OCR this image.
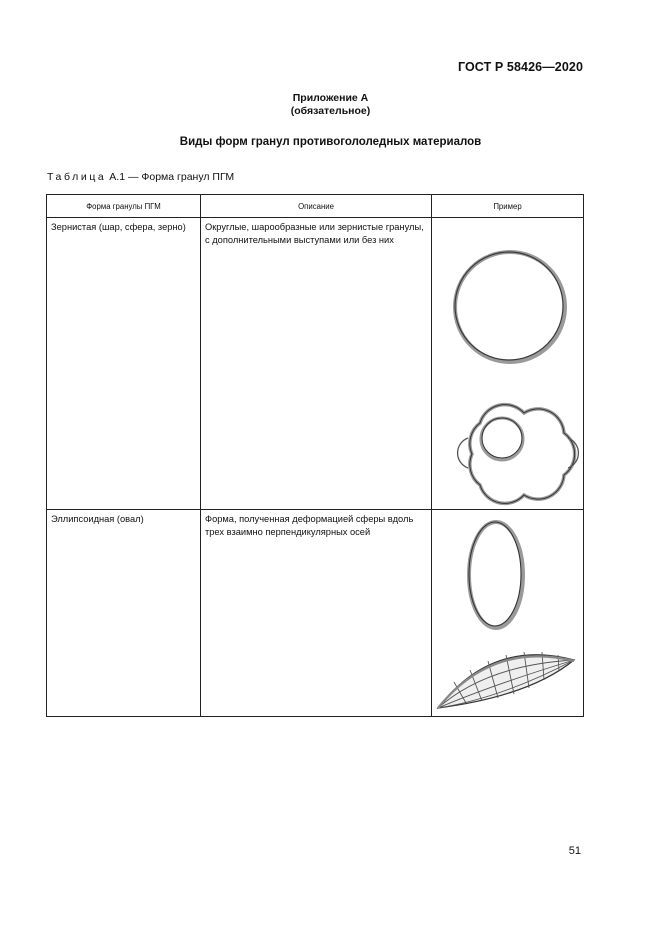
ГОСТ Р 58426—2020
Приложение А
(обязательное)
Виды форм гранул противогололедных материалов
Таблица А.1 — Форма гранул ПГМ
Форма гранулы ПГМ	Описание	Пример

Зернистая (шар, сфера, зерно)	Округлые, шарообразные или зернистые гранулы, с дополнительными выступами или без них

Эллипсоидная (овал)	Форма, полученная деформацией сферы вдоль трех взаимно перпендикулярных осей

51
